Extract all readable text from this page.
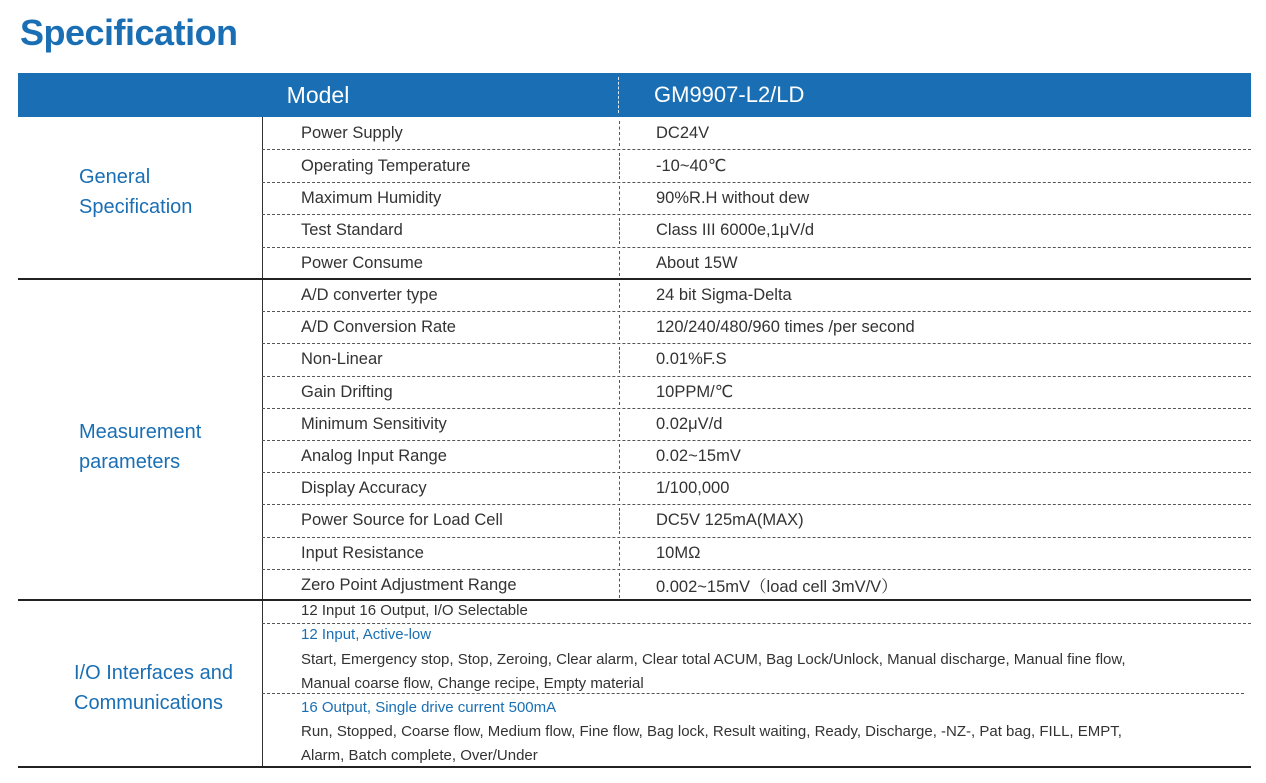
Specification
Model	GM9907-L2/LD
General
Specification
Power Supply	DC24V
Operating Temperature	-10~40℃
Maximum Humidity	90%R.H without dew
Test Standard	Class III 6000e,1μV/d
Power Consume	About 15W
Measurement
parameters
A/D converter type	24 bit Sigma-Delta
A/D Conversion Rate	120/240/480/960 times /per second
Non-Linear	0.01%F.S
Gain Drifting	10PPM/℃
Minimum Sensitivity	0.02μV/d
Analog Input Range	0.02~15mV
Display Accuracy	1/100,000
Power Source for Load Cell	DC5V 125mA(MAX)
Input Resistance	10MΩ
Zero Point Adjustment Range	0.002~15mV（load cell 3mV/V）
I/O Interfaces and
Communications
12 Input 16 Output, I/O Selectable
12 Input, Active-low
Start, Emergency stop, Stop, Zeroing, Clear alarm, Clear total ACUM, Bag Lock/Unlock, Manual discharge, Manual fine flow,
Manual coarse flow, Change recipe, Empty material
16 Output, Single drive current 500mA
Run, Stopped, Coarse flow, Medium flow, Fine flow, Bag lock, Result waiting, Ready, Discharge, -NZ-, Pat bag, FILL, EMPT,
Alarm, Batch complete, Over/Under
